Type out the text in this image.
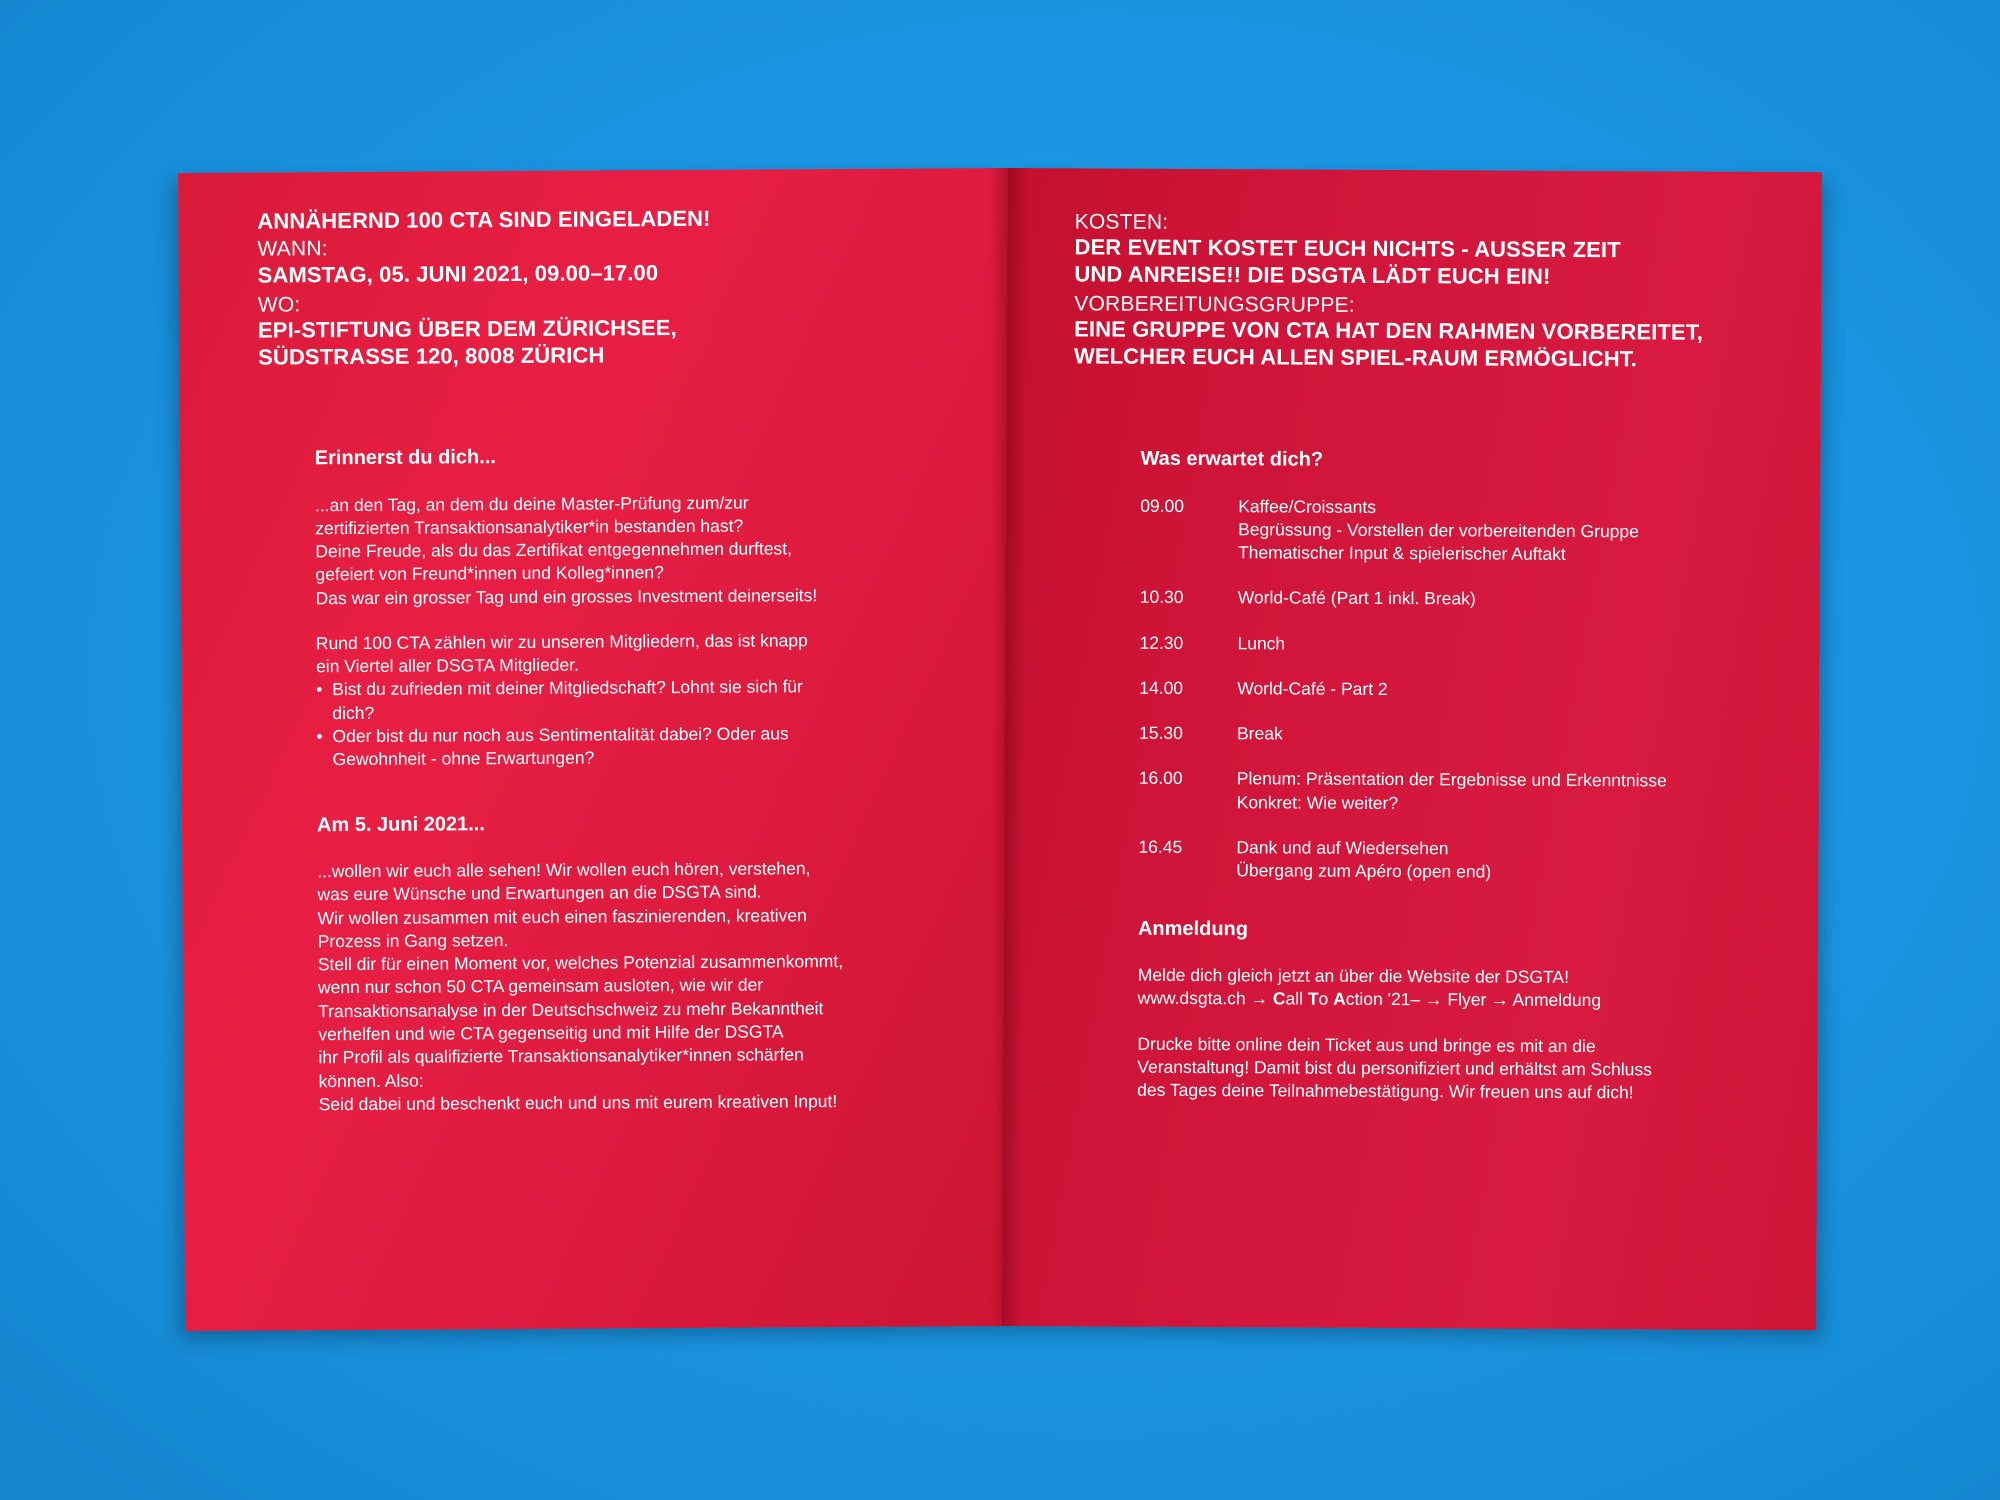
ANNÄHERND 100 CTA SIND EINGELADEN!
WANN:
SAMSTAG, 05. JUNI 2021, 09.00–17.00
WO:
EPI-STIFTUNG ÜBER DEM ZÜRICHSEE,
SÜDSTRASSE 120, 8008 ZÜRICH
Erinnerst du dich...
...an den Tag, an dem du deine Master-Prüfung zum/zur
zertifizierten Transaktionsanalytiker*in bestanden hast?
Deine Freude, als du das Zertifikat entgegennehmen durftest,
gefeiert von Freund*innen und Kolleg*innen?
Das war ein grosser Tag und ein grosses Investment deinerseits!
Rund 100 CTA zählen wir zu unseren Mitgliedern, das ist knapp
ein Viertel aller DSGTA Mitglieder.
• Bist du zufrieden mit deiner Mitgliedschaft? Lohnt sie sich für
dich?
• Oder bist du nur noch aus Sentimentalität dabei? Oder aus
Gewohnheit - ohne Erwartungen?
Am 5. Juni 2021...
...wollen wir euch alle sehen! Wir wollen euch hören, verstehen,
was eure Wünsche und Erwartungen an die DSGTA sind.
Wir wollen zusammen mit euch einen faszinierenden, kreativen
Prozess in Gang setzen.
Stell dir für einen Moment vor, welches Potenzial zusammenkommt,
wenn nur schon 50 CTA gemeinsam ausloten, wie wir der
Transaktionsanalyse in der Deutschschweiz zu mehr Bekanntheit
verhelfen und wie CTA gegenseitig und mit Hilfe der DSGTA
ihr Profil als qualifizierte Transaktionsanalytiker*innen schärfen
können. Also:
Seid dabei und beschenkt euch und uns mit eurem kreativen Input!
KOSTEN:
DER EVENT KOSTET EUCH NICHTS - AUSSER ZEIT
UND ANREISE!! DIE DSGTA LÄDT EUCH EIN!
VORBEREITUNGSGRUPPE:
EINE GRUPPE VON CTA HAT DEN RAHMEN VORBEREITET,
WELCHER EUCH ALLEN SPIEL-RAUM ERMÖGLICHT.
Was erwartet dich?
09.00	Kaffee/Croissants
Begrüssung - Vorstellen der vorbereitenden Gruppe
Thematischer Input & spielerischer Auftakt
10.30	World-Café (Part 1 inkl. Break)
12.30	Lunch
14.00	World-Café - Part 2
15.30	Break
16.00	Plenum: Präsentation der Ergebnisse und Erkenntnisse
Konkret: Wie weiter?
16.45	Dank und auf Wiedersehen
Übergang zum Apéro (open end)
Anmeldung
Melde dich gleich jetzt an über die Website der DSGTA!
www.dsgta.ch → Call To Action '21– → Flyer → Anmeldung
Drucke bitte online dein Ticket aus und bringe es mit an die
Veranstaltung! Damit bist du personifiziert und erhältst am Schluss
des Tages deine Teilnahmebestätigung. Wir freuen uns auf dich!
